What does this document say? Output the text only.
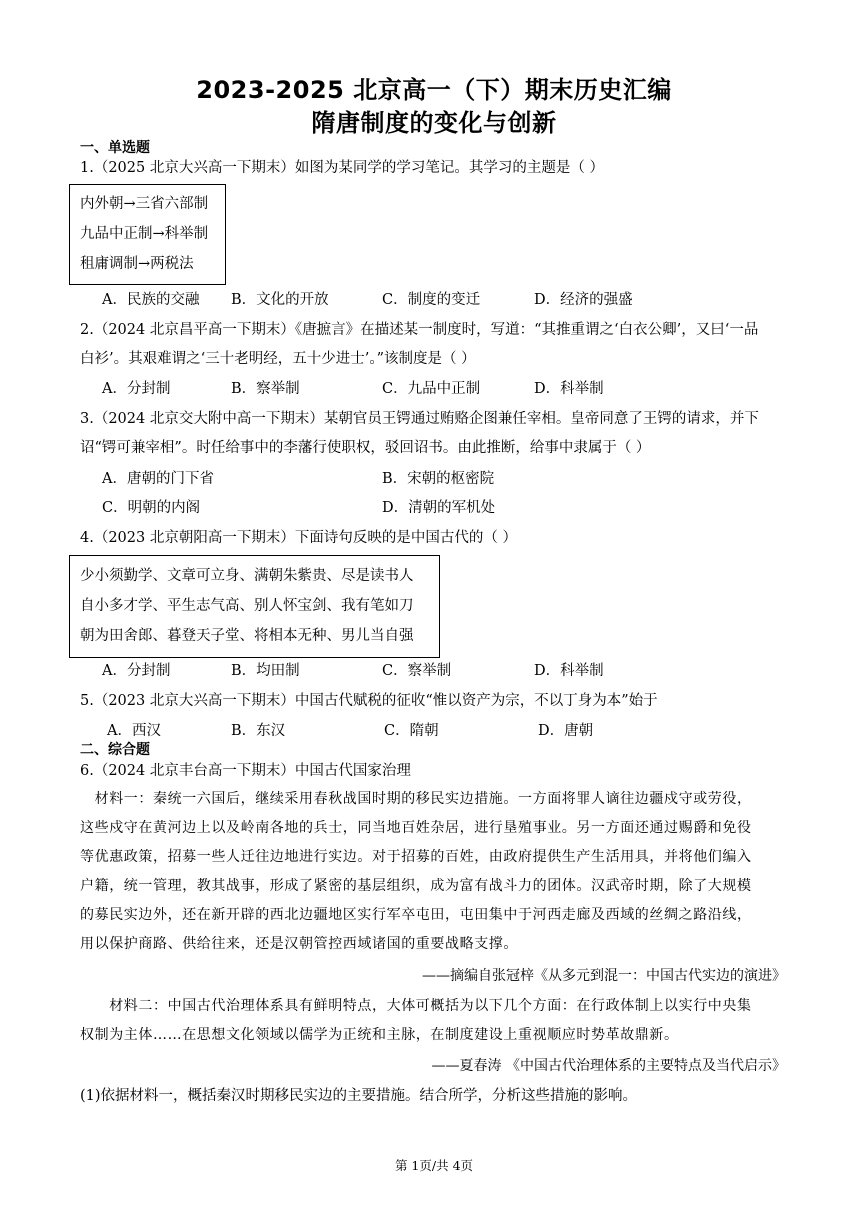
2023-2025 北京高一（下）期末历史汇编
隋唐制度的变化与创新
一、单选题
1.（2025 北京大兴高一下期末）如图为某同学的学习笔记。其学习的主题是（ ）
内外朝→三省六部制
九品中正制→科举制
租庸调制→两税法
A．民族的交融 B．文化的开放	C．制度的变迁	D．经济的强盛
2.（2024 北京昌平高一下期末）《唐摭言》在描述某一制度时，写道：“其推重谓之‘白衣公卿’，又曰‘一品
白衫’。其艰难谓之‘三十老明经，五十少进士’。”该制度是（ ）
A．分封制	B．察举制	C．九品中正制	D．科举制
3.（2024 北京交大附中高一下期末）某朝官员王锷通过贿赂企图兼任宰相。皇帝同意了王锷的请求，并下
诏“锷可兼宰相”。时任给事中的李藩行使职权，驳回诏书。由此推断，给事中隶属于（ ）
A．唐朝的门下省	B．宋朝的枢密院
C．明朝的内阁	D．清朝的军机处
4.（2023 北京朝阳高一下期末）下面诗句反映的是中国古代的（ ）
少小须勤学、文章可立身、满朝朱紫贵、尽是读书人
自小多才学、平生志气高、别人怀宝剑、我有笔如刀
朝为田舍郎、暮登天子堂、将相本无种、男儿当自强
A．分封制	B．均田制	C．察举制	D．科举制
5.（2023 北京大兴高一下期末）中国古代赋税的征收“惟以资产为宗，不以丁身为本”始于
A．西汉	B．东汉	C．隋朝	D．唐朝
二、综合题
6.（2024 北京丰台高一下期末）中国古代国家治理
　材料一：秦统一六国后，继续采用春秋战国时期的移民实边措施。一方面将罪人谪往边疆戍守或劳役，
这些戍守在黄河边上以及岭南各地的兵士，同当地百姓杂居，进行垦殖事业。另一方面还通过赐爵和免役
等优惠政策，招募一些人迁往边地进行实边。对于招募的百姓，由政府提供生产生活用具，并将他们编入
户籍，统一管理，教其战事，形成了紧密的基层组织，成为富有战斗力的团体。汉武帝时期，除了大规模
的募民实边外，还在新开辟的西北边疆地区实行军卒屯田，屯田集中于河西走廊及西域的丝绸之路沿线，
用以保护商路、供给往来，还是汉朝管控西域诸国的重要战略支撑。
——摘编自张冠梓《从多元到混一：中国古代实边的演进》
　　材料二：中国古代治理体系具有鲜明特点，大体可概括为以下几个方面：在行政体制上以实行中央集
权制为主体……在思想文化领域以儒学为正统和主脉，在制度建设上重视顺应时势革故鼎新。
——夏春涛 《中国古代治理体系的主要特点及当代启示》
(1)依据材料一，概括秦汉时期移民实边的主要措施。结合所学，分析这些措施的影响。
第 1页/共 4页
